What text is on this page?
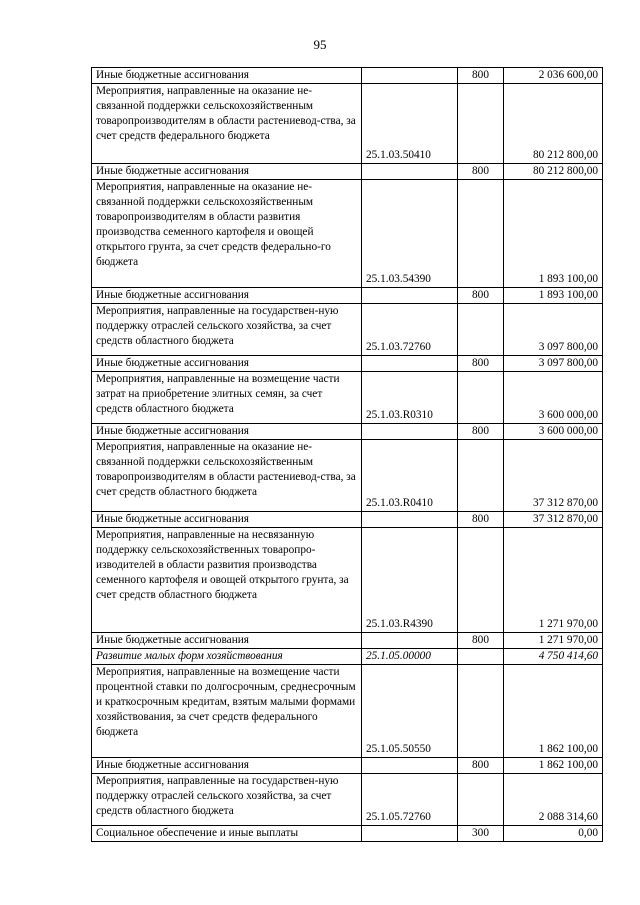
95
Иные бюджетные ассигнования		800	2 036 600,00
Мероприятия, направленные на оказание не-связанной поддержки сельскохозяйственным товаропроизводителям в области растениевод-ства, за счет средств федерального бюджета	25.1.03.50410		80 212 800,00
Иные бюджетные ассигнования		800	80 212 800,00
Мероприятия, направленные на оказание не-связанной поддержки сельскохозяйственным товаропроизводителям в области развития производства семенного картофеля и овощей открытого грунта, за счет средств федерально-го бюджета	25.1.03.54390		1 893 100,00
Иные бюджетные ассигнования		800	1 893 100,00
Мероприятия, направленные на государствен-ную поддержку отраслей сельского хозяйства, за счет средств областного бюджета	25.1.03.72760		3 097 800,00
Иные бюджетные ассигнования		800	3 097 800,00
Мероприятия, направленные на возмещение части затрат на приобретение элитных семян, за счет средств областного бюджета	25.1.03.R0310		3 600 000,00
Иные бюджетные ассигнования		800	3 600 000,00
Мероприятия, направленные на оказание не-связанной поддержки сельскохозяйственным товаропроизводителям в области растениевод-ства, за счет средств областного бюджета	25.1.03.R0410		37 312 870,00
Иные бюджетные ассигнования		800	37 312 870,00
Мероприятия, направленные на несвязанную поддержку сельскохозяйственных товаропро-изводителей в области развития производства семенного картофеля и овощей открытого грунта, за счет средств областного бюджета	25.1.03.R4390		1 271 970,00
Иные бюджетные ассигнования		800	1 271 970,00
Развитие малых форм хозяйствования	25.1.05.00000		4 750 414,60
Мероприятия, направленные на возмещение части процентной ставки по долгосрочным, среднесрочным и краткосрочным кредитам, взятым малыми формами хозяйствования, за счет средств федерального бюджета	25.1.05.50550		1 862 100,00
Иные бюджетные ассигнования		800	1 862 100,00
Мероприятия, направленные на государствен-ную поддержку отраслей сельского хозяйства, за счет средств областного бюджета	25.1.05.72760		2 088 314,60
Социальное обеспечение и иные выплаты		300	0,00
